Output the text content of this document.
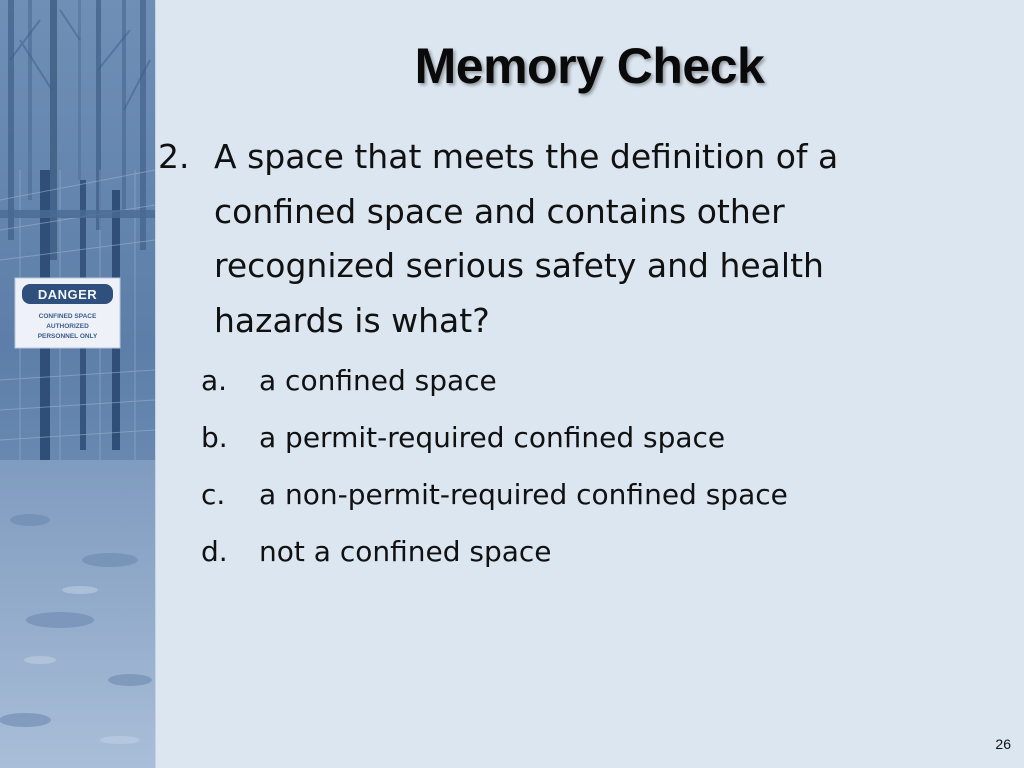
DANGER
CONFINED SPACE
AUTHORIZED
PERSONNEL ONLY
Memory Check
2. A space that meets the definition of a confined space and contains other recognized serious safety and health hazards is what?
a. a confined space
b. a permit-required confined space
c. a non-permit-required confined space
d. not a confined space
26
